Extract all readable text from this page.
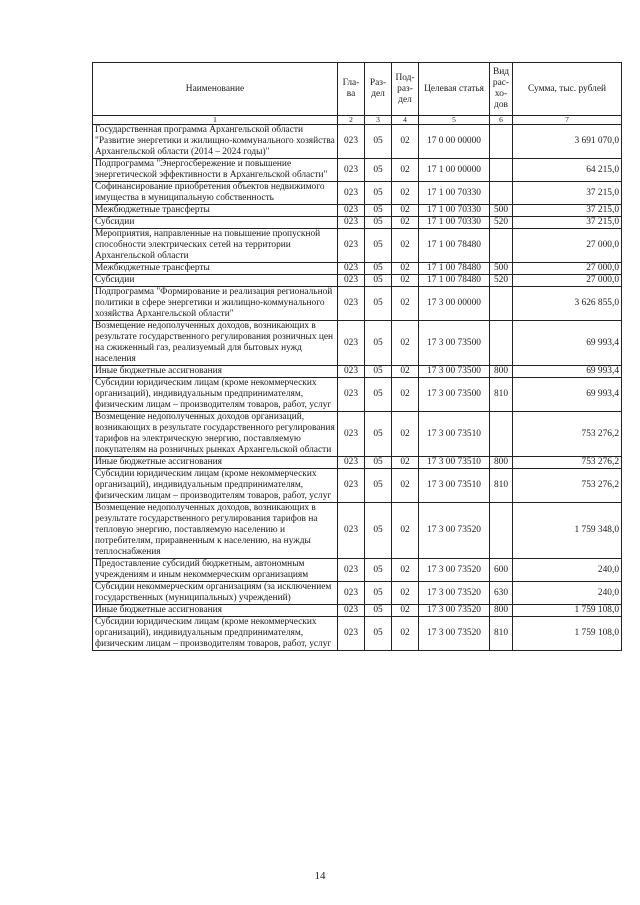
Наименование	Гла-ва	Раз-дел	Под-раз-дел	Целевая статья	Вид рас-хо-дов	Сумма, тыс. рублей
1	2	3	4	5	6	7
Государственная программа Архангельской области "Развитие энергетики и жилищно-коммунального хозяйства Архангельской области (2014 – 2024 годы)"	023	05	02	17 0 00 00000		3 691 070,0
Подпрограмма "Энергосбережение и повышение энергетической эффективности в Архангельской области"	023	05	02	17 1 00 00000		64 215,0
Софинансирование приобретения объектов недвижимого имущества в муниципальную собственность	023	05	02	17 1 00 70330		37 215,0
Межбюджетные трансферты	023	05	02	17 1 00 70330	500	37 215,0
Субсидии	023	05	02	17 1 00 70330	520	37 215,0
Мероприятия, направленные на повышение пропускной способности электрических сетей на территории Архангельской области	023	05	02	17 1 00 78480		27 000,0
Межбюджетные трансферты	023	05	02	17 1 00 78480	500	27 000,0
Субсидии	023	05	02	17 1 00 78480	520	27 000,0
Подпрограмма "Формирование и реализация региональной политики в сфере энергетики и жилищно-коммунального хозяйства Архангельской области"	023	05	02	17 3 00 00000		3 626 855,0
Возмещение недополученных доходов, возникающих в результате государственного регулирования розничных цен на сжиженный газ, реализуемый для бытовых нужд населения	023	05	02	17 3 00 73500		69 993,4
Иные бюджетные ассигнования	023	05	02	17 3 00 73500	800	69 993,4
Субсидии юридическим лицам (кроме некоммерческих организаций), индивидуальным предпринимателям, физическим лицам – производителям товаров, работ, услуг	023	05	02	17 3 00 73500	810	69 993,4
Возмещение недополученных доходов организаций, возникающих в результате государственного регулирования тарифов на электрическую энергию, поставляемую покупателям на розничных рынках Архангельской области	023	05	02	17 3 00 73510		753 276,2
Иные бюджетные ассигнования	023	05	02	17 3 00 73510	800	753 276,2
Субсидии юридическим лицам (кроме некоммерческих организаций), индивидуальным предпринимателям, физическим лицам – производителям товаров, работ, услуг	023	05	02	17 3 00 73510	810	753 276,2
Возмещение недополученных доходов, возникающих в результате государственного регулирования тарифов на тепловую энергию, поставляемую населению и потребителям, приравненным к населению, на нужды теплоснабжения	023	05	02	17 3 00 73520		1 759 348,0
Предоставление субсидий бюджетным, автономным учреждениям и иным некоммерческим организациям	023	05	02	17 3 00 73520	600	240,0
Субсидии некоммерческим организациям (за исключением государственных (муниципальных) учреждений)	023	05	02	17 3 00 73520	630	240,0
Иные бюджетные ассигнования	023	05	02	17 3 00 73520	800	1 759 108,0
Субсидии юридическим лицам (кроме некоммерческих организаций), индивидуальным предпринимателям, физическим лицам – производителям товаров, работ, услуг	023	05	02	17 3 00 73520	810	1 759 108,0
14
